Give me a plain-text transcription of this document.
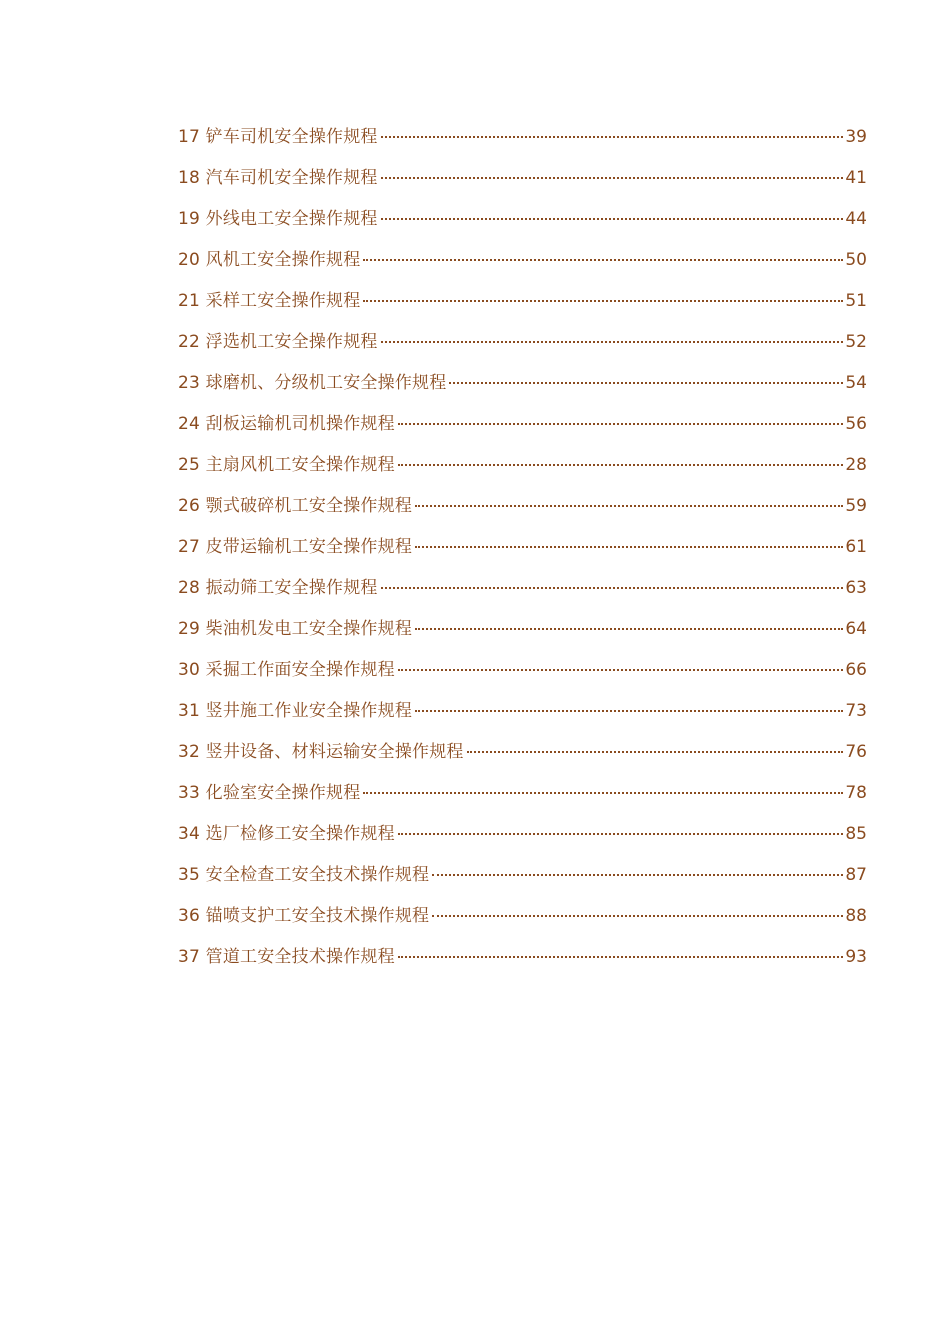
17 铲车司机安全操作规程	39
18 汽车司机安全操作规程	41
19 外线电工安全操作规程	44
20 风机工安全操作规程	50
21 采样工安全操作规程	51
22 浮选机工安全操作规程	52
23 球磨机、分级机工安全操作规程	54
24 刮板运输机司机操作规程	56
25 主扇风机工安全操作规程	28
26 颚式破碎机工安全操作规程	59
27 皮带运输机工安全操作规程	61
28 振动筛工安全操作规程	63
29 柴油机发电工安全操作规程	64
30 采掘工作面安全操作规程	66
31 竖井施工作业安全操作规程	73
32 竖井设备、材料运输安全操作规程	76
33 化验室安全操作规程	78
34 选厂检修工安全操作规程	85
35 安全检查工安全技术操作规程	87
36 锚喷支护工安全技术操作规程	88
37 管道工安全技术操作规程	93
